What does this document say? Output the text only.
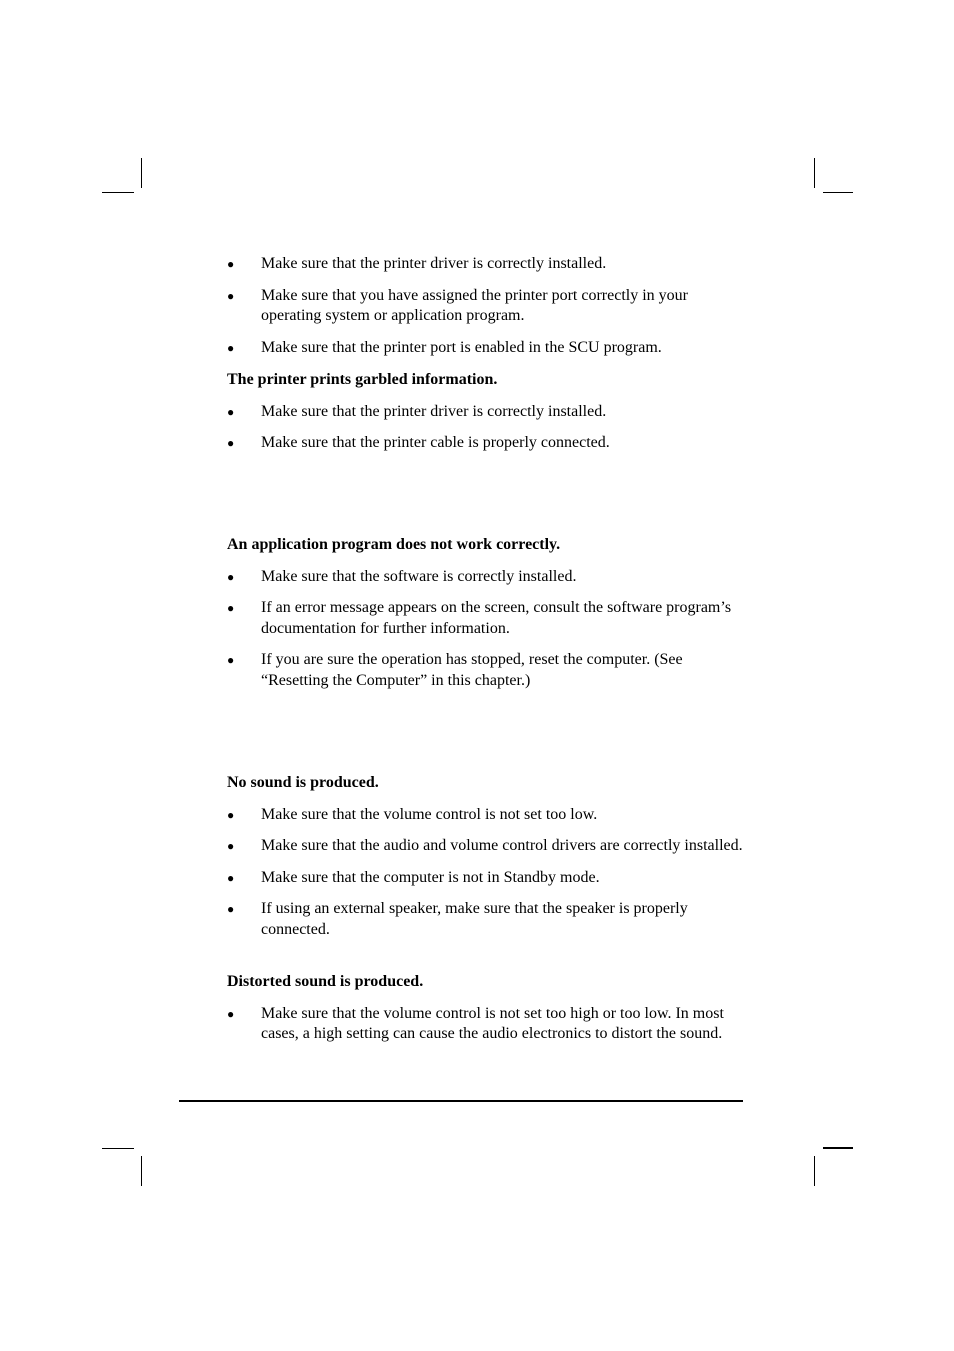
● Make sure that the printer driver is correctly installed.
● Make sure that you have assigned the printer port correctly in your operating system or application program.
● Make sure that the printer port is enabled in the SCU program.
The printer prints garbled information.
● Make sure that the printer driver is correctly installed.
● Make sure that the printer cable is properly connected.
An application program does not work correctly.
● Make sure that the software is correctly installed.
● If an error message appears on the screen, consult the software program’s documentation for further information.
● If you are sure the operation has stopped, reset the computer. (See “Resetting the Computer” in this chapter.)
No sound is produced.
● Make sure that the volume control is not set too low.
● Make sure that the audio and volume control drivers are correctly installed.
● Make sure that the computer is not in Standby mode.
● If using an external speaker, make sure that the speaker is properly connected.
Distorted sound is produced.
● Make sure that the volume control is not set too high or too low. In most cases, a high setting can cause the audio electronics to distort the sound.
